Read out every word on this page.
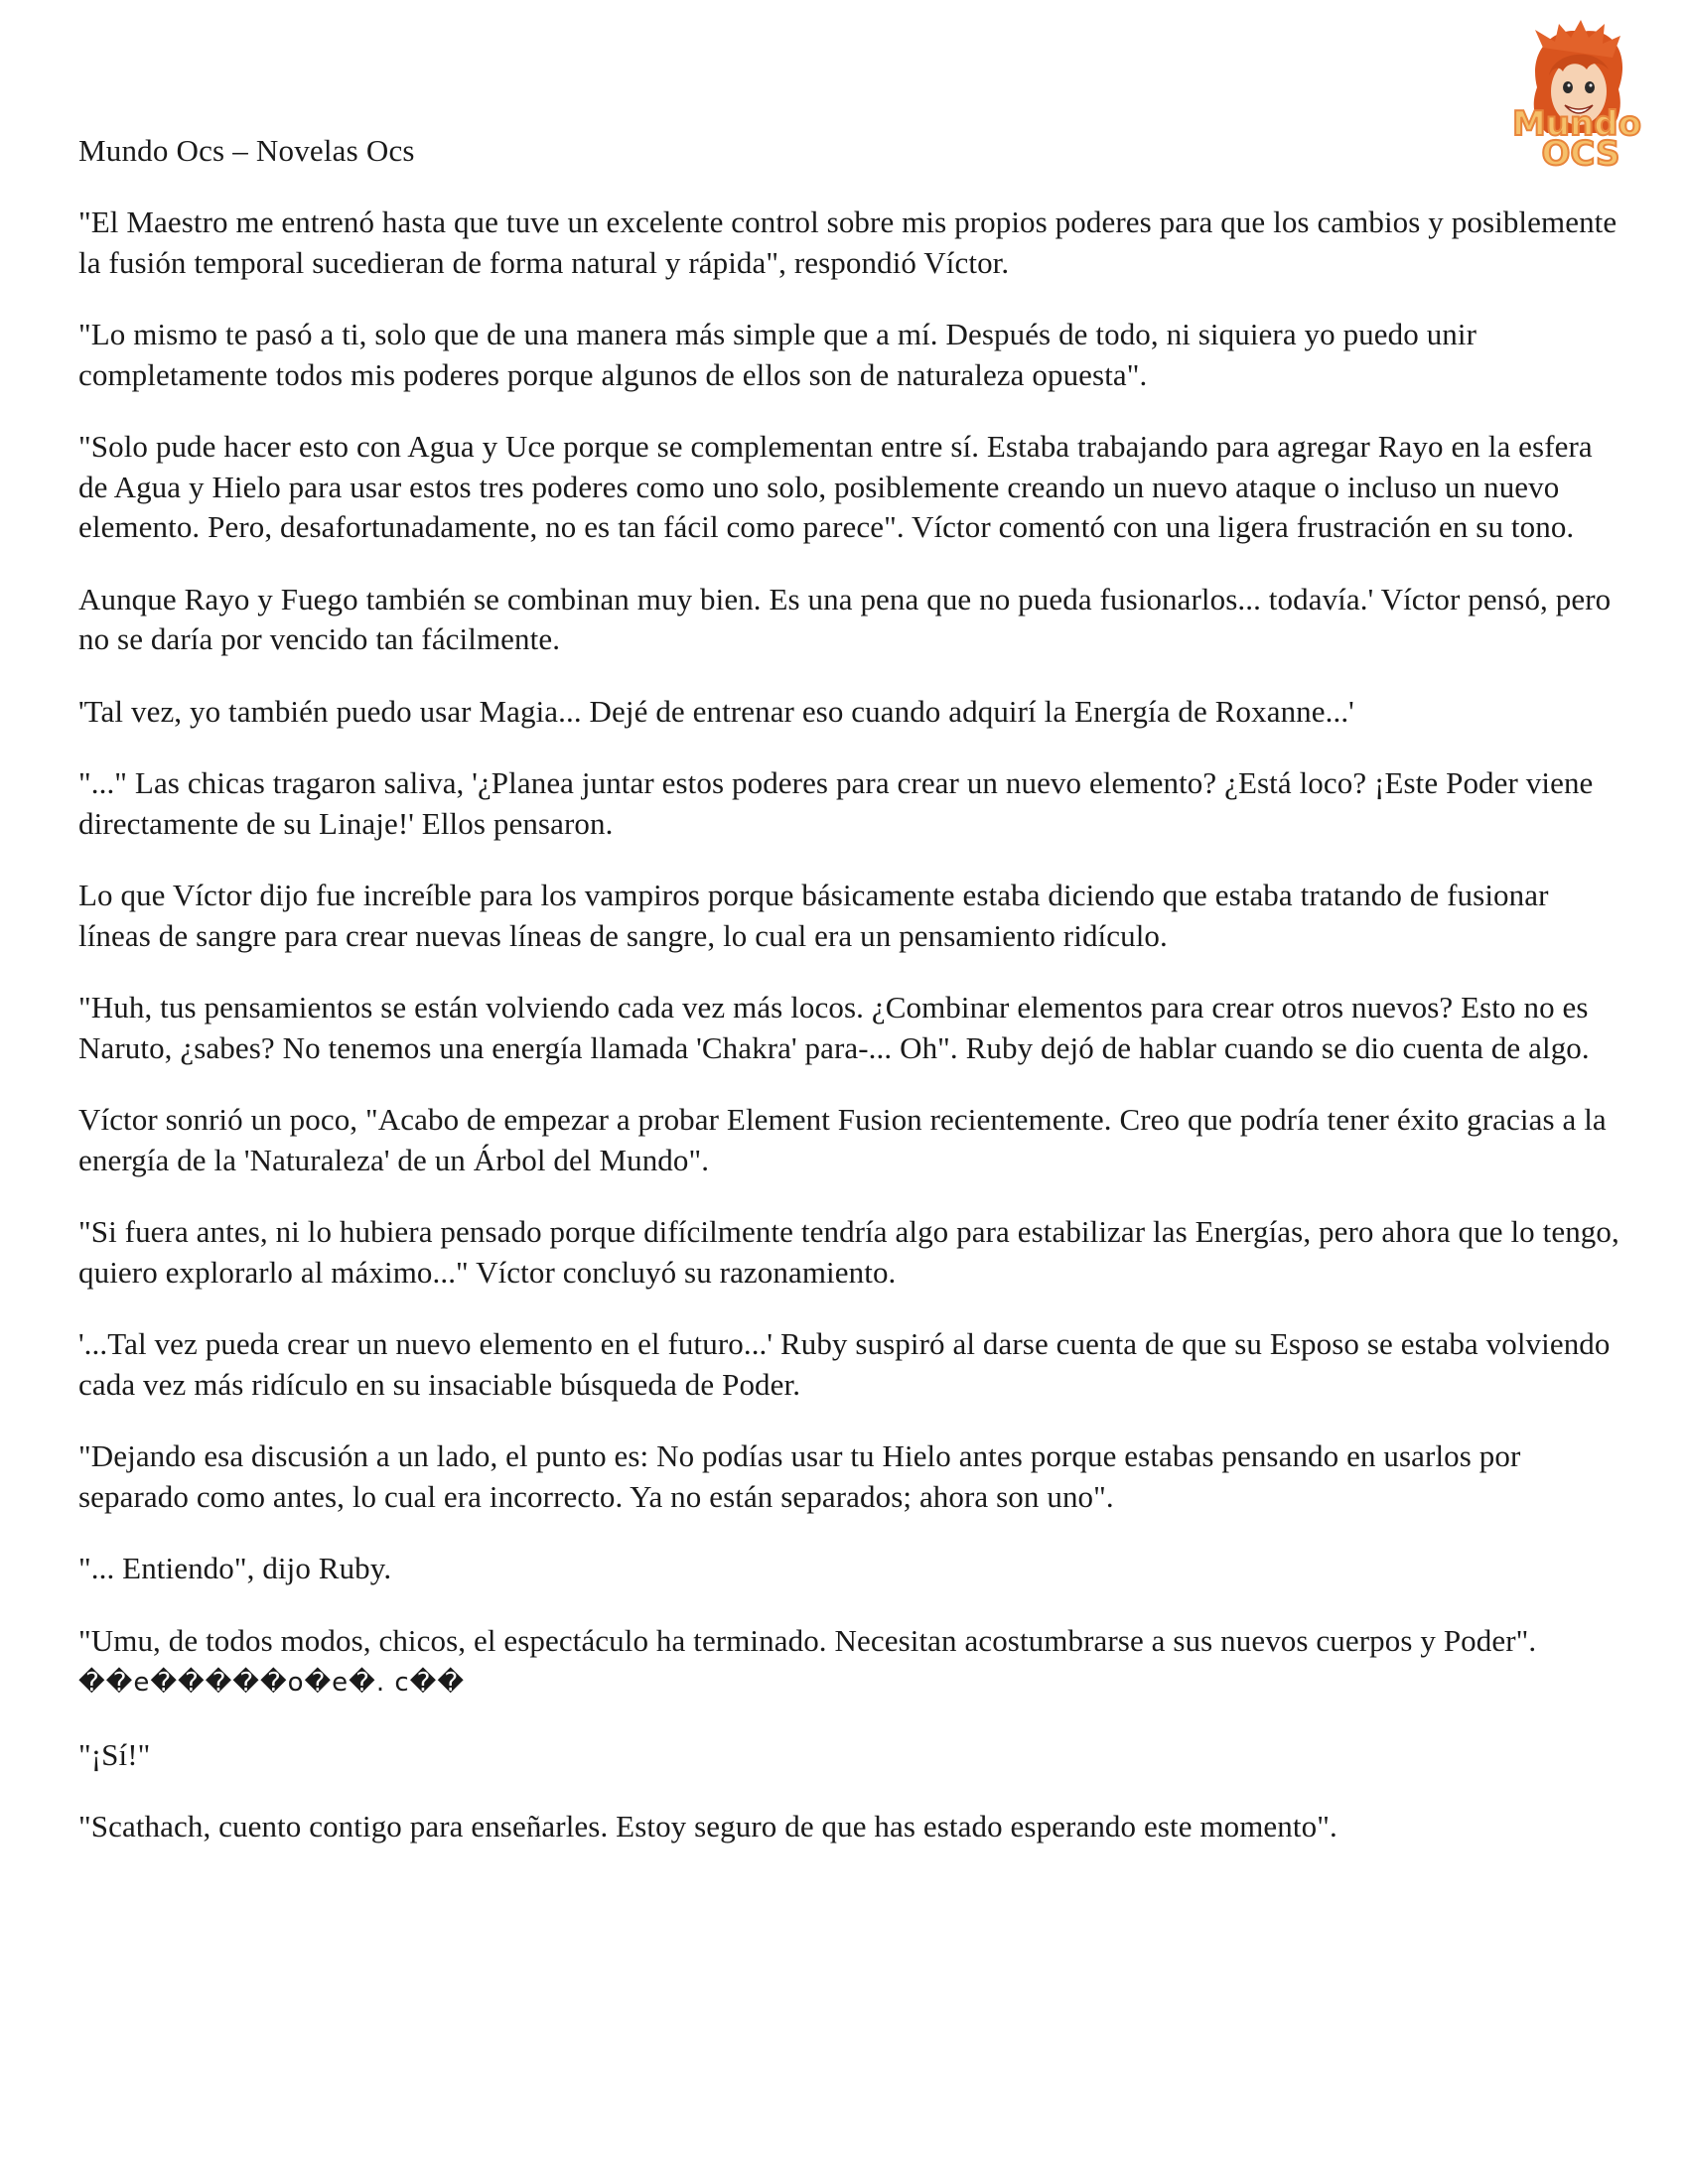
Mundo Ocs – Novelas Ocs
Mundo
OCS

"El Maestro me entrenó hasta que tuve un excelente control sobre mis propios poderes para que los cambios y posiblemente la fusión temporal sucedieran de forma natural y rápida", respondió Víctor.

"Lo mismo te pasó a ti, solo que de una manera más simple que a mí. Después de todo, ni siquiera yo puedo unir completamente todos mis poderes porque algunos de ellos son de naturaleza opuesta".

"Solo pude hacer esto con Agua y Uce porque se complementan entre sí. Estaba trabajando para agregar Rayo en la esfera de Agua y Hielo para usar estos tres poderes como uno solo, posiblemente creando un nuevo ataque o incluso un nuevo elemento. Pero, desafortunadamente, no es tan fácil como parece". Víctor comentó con una ligera frustración en su tono.

Aunque Rayo y Fuego también se combinan muy bien. Es una pena que no pueda fusionarlos... todavía.' Víctor pensó, pero no se daría por vencido tan fácilmente.

'Tal vez, yo también puedo usar Magia... Dejé de entrenar eso cuando adquirí la Energía de Roxanne...'

"..." Las chicas tragaron saliva, '¿Planea juntar estos poderes para crear un nuevo elemento? ¿Está loco? ¡Este Poder viene directamente de su Linaje!' Ellos pensaron.

Lo que Víctor dijo fue increíble para los vampiros porque básicamente estaba diciendo que estaba tratando de fusionar líneas de sangre para crear nuevas líneas de sangre, lo cual era un pensamiento ridículo.

"Huh, tus pensamientos se están volviendo cada vez más locos. ¿Combinar elementos para crear otros nuevos? Esto no es Naruto, ¿sabes? No tenemos una energía llamada 'Chakra' para-... Oh". Ruby dejó de hablar cuando se dio cuenta de algo.

Víctor sonrió un poco, "Acabo de empezar a probar Element Fusion recientemente. Creo que podría tener éxito gracias a la energía de la 'Naturaleza' de un Árbol del Mundo".

"Si fuera antes, ni lo hubiera pensado porque difícilmente tendría algo para estabilizar las Energías, pero ahora que lo tengo, quiero explorarlo al máximo..." Víctor concluyó su razonamiento.

'...Tal vez pueda crear un nuevo elemento en el futuro...' Ruby suspiró al darse cuenta de que su Esposo se estaba volviendo cada vez más ridículo en su insaciable búsqueda de Poder.

"Dejando esa discusión a un lado, el punto es: No podías usar tu Hielo antes porque estabas pensando en usarlos por separado como antes, lo cual era incorrecto. Ya no están separados; ahora son uno".

"... Entiendo", dijo Ruby.

"Umu, de todos modos, chicos, el espectáculo ha terminado. Necesitan acostumbrarse a sus nuevos cuerpos y Poder". ��e�����o�e�. c��

"¡Sí!"

"Scathach, cuento contigo para enseñarles. Estoy seguro de que has estado esperando este momento".
